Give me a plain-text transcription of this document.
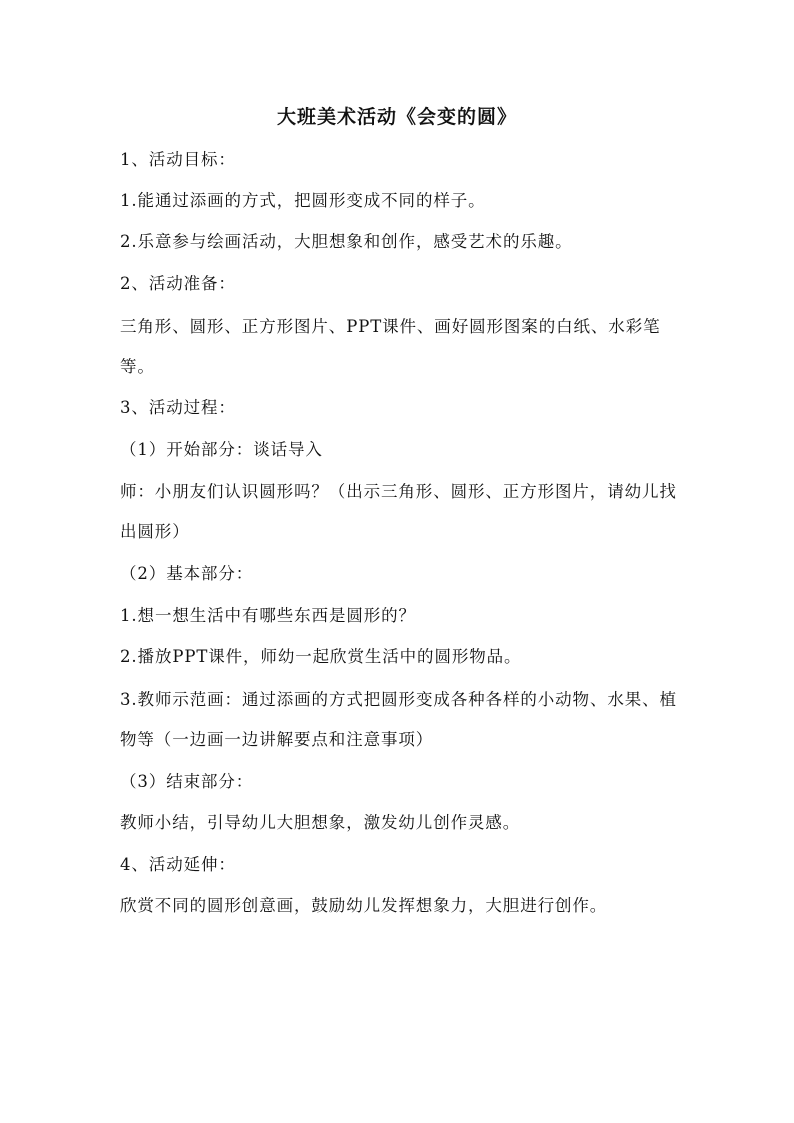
大班美术活动《会变的圆》
1、活动目标：
1.能通过添画的方式，把圆形变成不同的样子。
2.乐意参与绘画活动，大胆想象和创作，感受艺术的乐趣。
2、活动准备：
三角形、圆形、正方形图片、PPT课件、画好圆形图案的白纸、水彩笔等。
3、活动过程：
（1）开始部分：谈话导入
师：小朋友们认识圆形吗？（出示三角形、圆形、正方形图片，请幼儿找出圆形）
（2）基本部分：
1.想一想生活中有哪些东西是圆形的？
2.播放PPT课件，师幼一起欣赏生活中的圆形物品。
3.教师示范画：通过添画的方式把圆形变成各种各样的小动物、水果、植物等（一边画一边讲解要点和注意事项）
（3）结束部分：
教师小结，引导幼儿大胆想象，激发幼儿创作灵感。
4、活动延伸：
欣赏不同的圆形创意画，鼓励幼儿发挥想象力，大胆进行创作。
